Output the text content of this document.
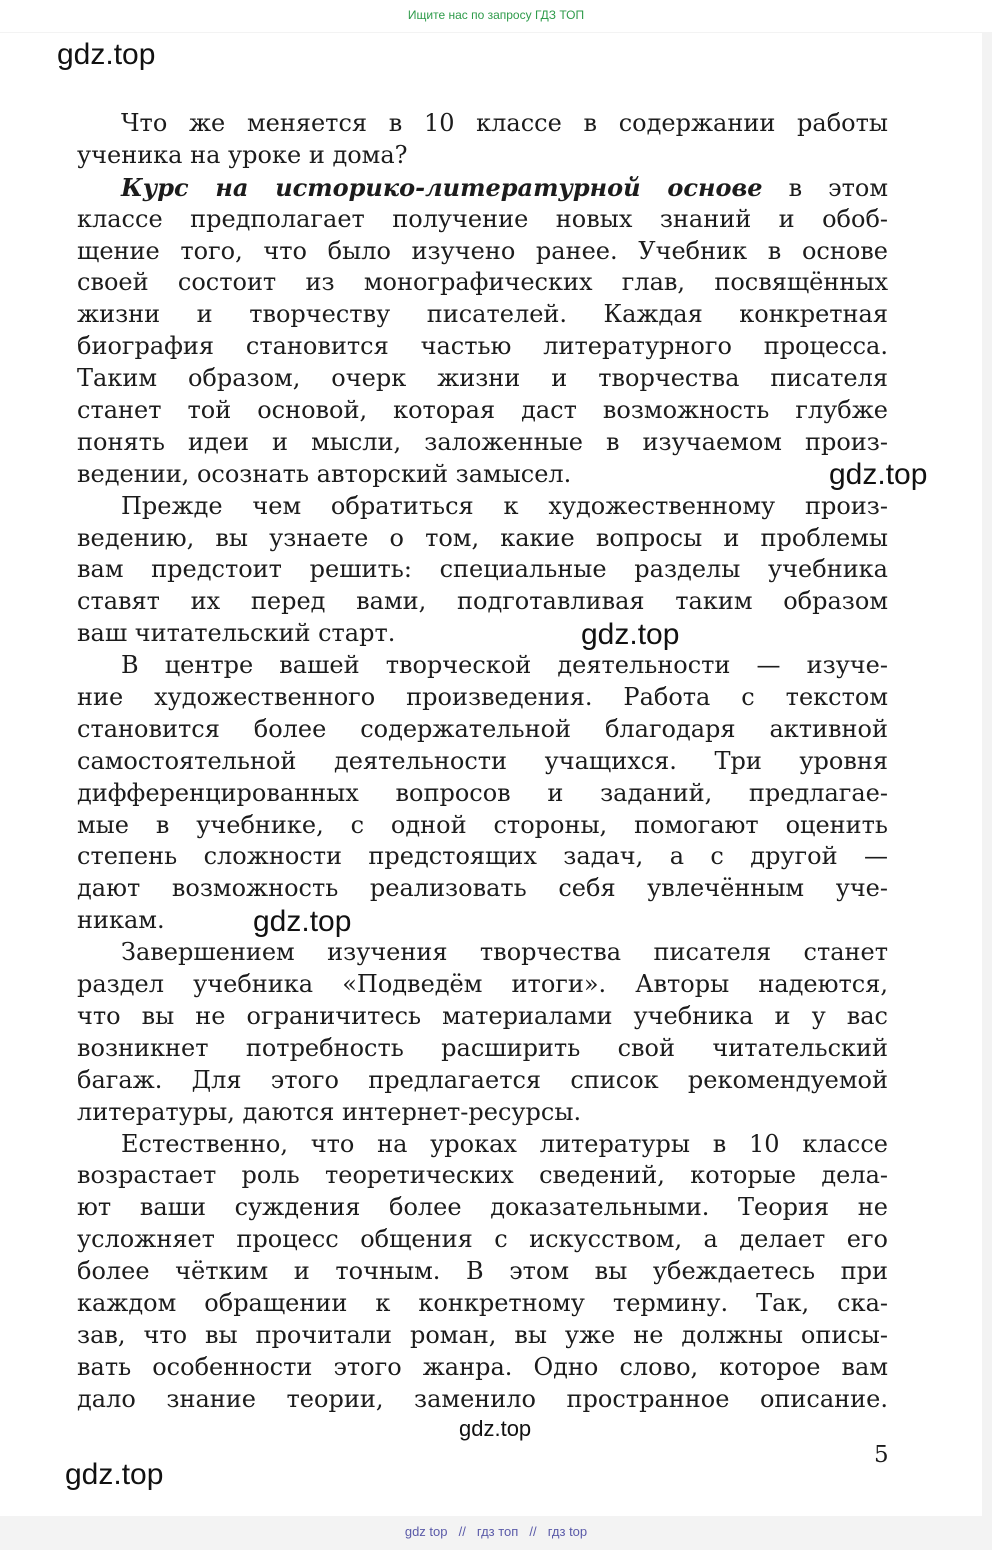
Ищите нас по запросу ГДЗ ТОП
gdz.top
gdz.top
gdz.top
gdz.top
gdz.top
gdz.top
Что же меняется в 10 классе в содержании работы
ученика на уроке и дома?
Курс на историко-литературной основе в этом
классе предполагает получение новых знаний и обоб-
щение того, что было изучено ранее. Учебник в основе
своей состоит из монографических глав, посвящённых
жизни и творчеству писателей. Каждая конкретная
биография становится частью литературного процесса.
Таким образом, очерк жизни и творчества писателя
станет той основой, которая даст возможность глубже
понять идеи и мысли, заложенные в изучаемом произ-
ведении, осознать авторский замысел.
Прежде чем обратиться к художественному произ-
ведению, вы узнаете о том, какие вопросы и проблемы
вам предстоит решить: специальные разделы учебника
ставят их перед вами, подготавливая таким образом
ваш читательский старт.
В центре вашей творческой деятельности — изуче-
ние художественного произведения. Работа с текстом
становится более содержательной благодаря активной
самостоятельной деятельности учащихся. Три уровня
дифференцированных вопросов и заданий, предлагае-
мые в учебнике, с одной стороны, помогают оценить
степень сложности предстоящих задач, а с другой —
дают возможность реализовать себя увлечённым уче-
никам.
Завершением изучения творчества писателя станет
раздел учебника «Подведём итоги». Авторы надеются,
что вы не ограничитесь материалами учебника и у вас
возникнет потребность расширить свой читательский
багаж. Для этого предлагается список рекомендуемой
литературы, даются интернет-ресурсы.
Естественно, что на уроках литературы в 10 классе
возрастает роль теоретических сведений, которые дела-
ют ваши суждения более доказательными. Теория не
усложняет процесс общения с искусством, а делает его
более чётким и точным. В этом вы убеждаетесь при
каждом обращении к конкретному термину. Так, ска-
зав, что вы прочитали роман, вы уже не должны описы-
вать особенности этого жанра. Одно слово, которое вам
дало знание теории, заменило пространное описание.
5
gdz top // гдз топ // гдз top
